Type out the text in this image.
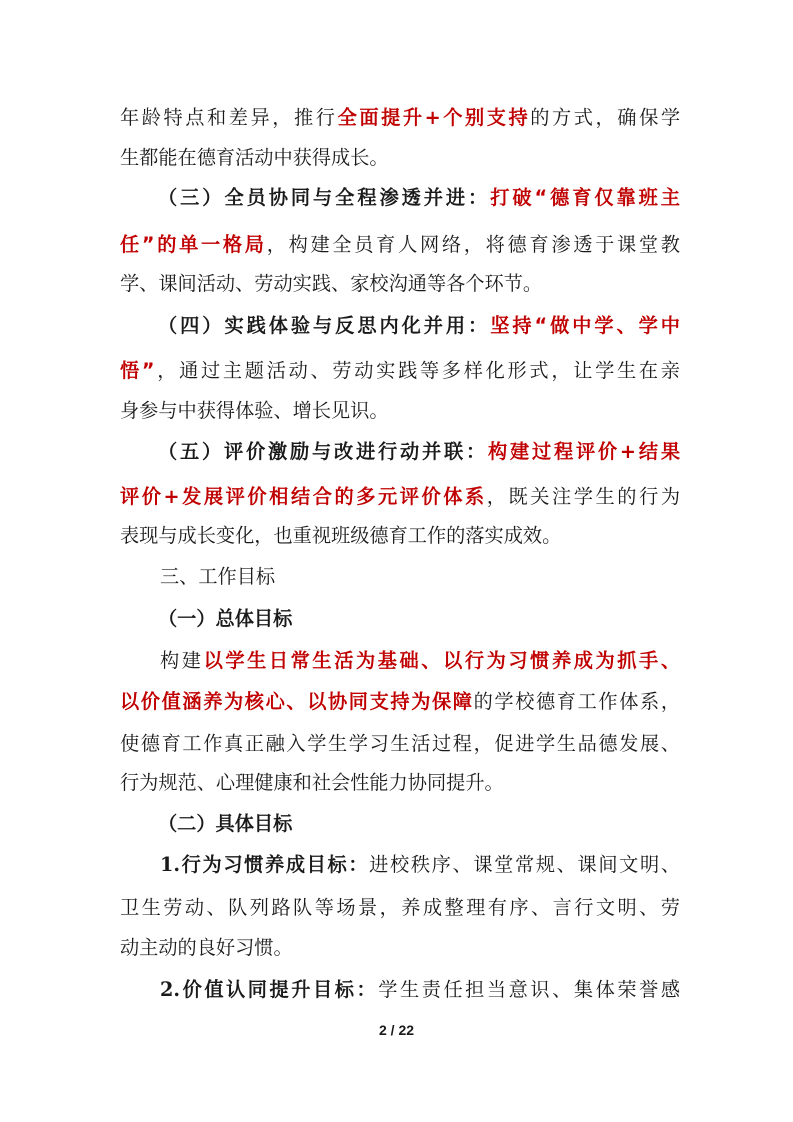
年龄特点和差异，推行全面提升+个别支持的方式，确保学
生都能在德育活动中获得成长。
（三）全员协同与全程渗透并进：打破“德育仅靠班主
任”的单一格局，构建全员育人网络，将德育渗透于课堂教
学、课间活动、劳动实践、家校沟通等各个环节。
（四）实践体验与反思内化并用：坚持“做中学、学中
悟”，通过主题活动、劳动实践等多样化形式，让学生在亲
身参与中获得体验、增长见识。
（五）评价激励与改进行动并联：构建过程评价+结果
评价+发展评价相结合的多元评价体系，既关注学生的行为
表现与成长变化，也重视班级德育工作的落实成效。
三、工作目标
（一）总体目标
构建以学生日常生活为基础、以行为习惯养成为抓手、
以价值涵养为核心、以协同支持为保障的学校德育工作体系，
使德育工作真正融入学生学习生活过程，促进学生品德发展、
行为规范、心理健康和社会性能力协同提升。
（二）具体目标
1.行为习惯养成目标：进校秩序、课堂常规、课间文明、
卫生劳动、队列路队等场景，养成整理有序、言行文明、劳
动主动的良好习惯。
2.价值认同提升目标：学生责任担当意识、集体荣誉感
2 / 22
